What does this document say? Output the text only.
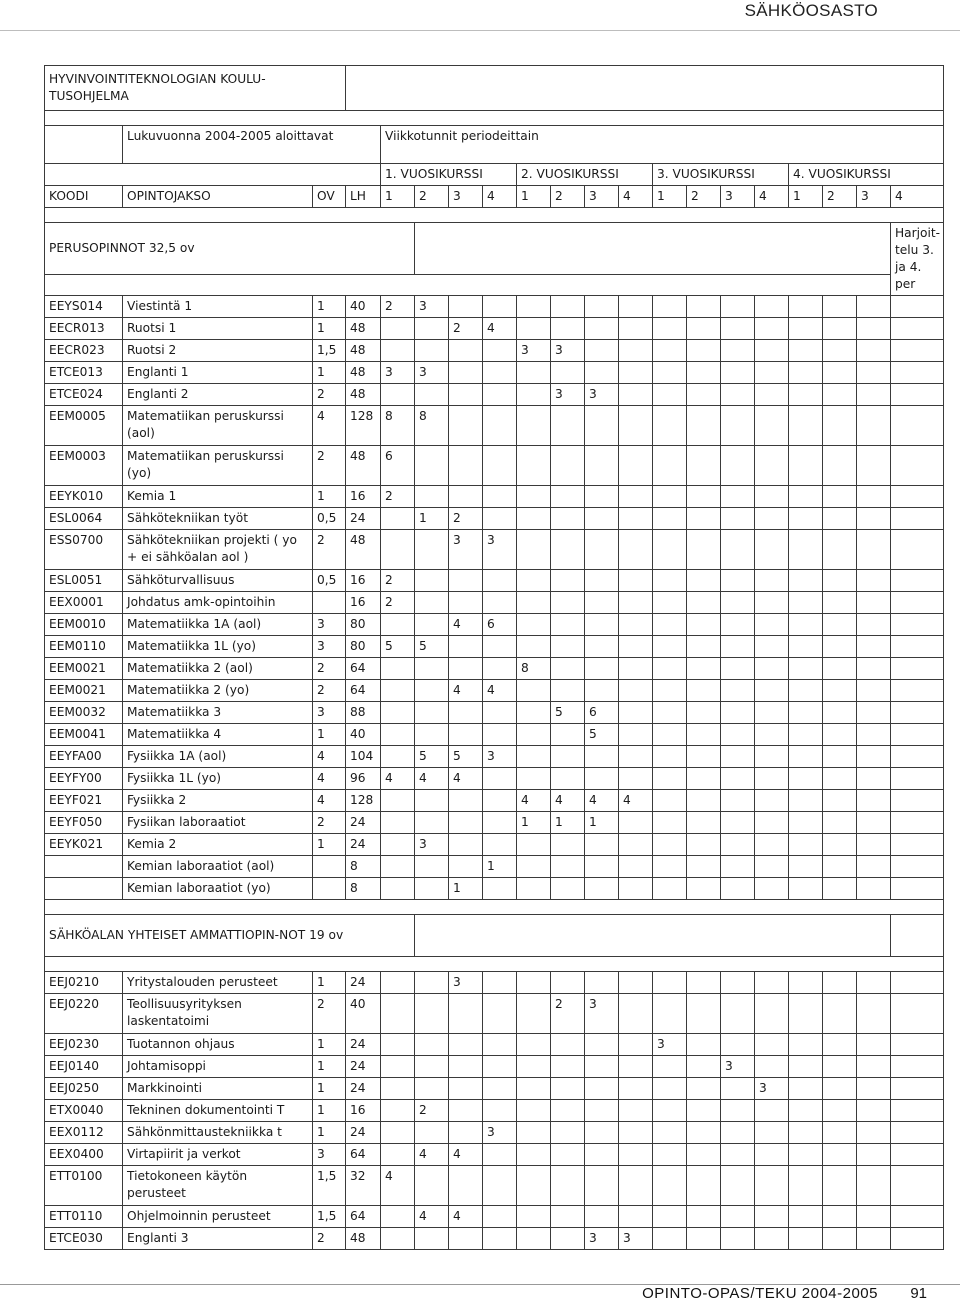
SÄHKÖOSASTO
HYVINVOINTITEKNOLOGIAN KOULU-TUSOHJELMA																			

	Lukuvuonna 2004-2005 aloittavat			Viikkotunnit periodeittain															
				1. VUOSIKURSSI				2. VUOSIKURSSI				3. VUOSIKURSSI				4. VUOSIKURSSI			
KOODI	OPINTOJAKSO	OV	LH	1	2	3	4	1	2	3	4	1	2	3	4	1	2	3	4

PERUSOPINNOT 32,5 ov																			Harjoit-telu 3. ja 4. per

EEYS014	Viestintä 1	1	40	2	3														
EECR013	Ruotsi 1	1	48			2	4												
EECR023	Ruotsi 2	1,5	48					3	3										
ETCE013	Englanti 1	1	48	3	3														
ETCE024	Englanti 2	2	48						3	3									
EEM0005	Matematiikan peruskurssi (aol)	4	128	8	8														
EEM0003	Matematiikan peruskurssi (yo)	2	48	6															
EEYK010	Kemia 1	1	16	2															
ESL0064	Sähkötekniikan työt	0,5	24		1	2													
ESS0700	Sähkötekniikan projekti ( yo + ei sähköalan aol )	2	48			3	3												
ESL0051	Sähköturvallisuus	0,5	16	2															
EEX0001	Johdatus amk-opintoihin		16	2															
EEM0010	Matematiikka 1A (aol)	3	80			4	6												
EEM0110	Matematiikka 1L (yo)	3	80	5	5														
EEM0021	Matematiikka 2 (aol)	2	64					8											
EEM0021	Matematiikka 2 (yo)	2	64			4	4												
EEM0032	Matematiikka 3	3	88						5	6									
EEM0041	Matematiikka 4	1	40							5									
EEYFA00	Fysiikka 1A (aol)	4	104		5	5	3												
EEYFY00	Fysiikka 1L (yo)	4	96	4	4	4													
EEYF021	Fysiikka 2	4	128					4	4	4	4								
EEYF050	Fysiikan laboraatiot	2	24					1	1	1									
EEYK021	Kemia 2	1	24		3														
	Kemian laboraatiot (aol)		8				1												
	Kemian laboraatiot (yo)		8			1													

SÄHKÖALAN YHTEISET AMMATTIOPIN-NOT 19 ov																			

EEJ0210	Yritystalouden perusteet	1	24			3													
EEJ0220	Teollisuusyrityksen laskentatoimi	2	40						2	3									
EEJ0230	Tuotannon ohjaus	1	24									3							
EEJ0140	Johtamisoppi	1	24											3					
EEJ0250	Markkinointi	1	24												3				
ETX0040	Tekninen dokumentointi T	1	16		2														
EEX0112	Sähkönmittaustekniikka t	1	24				3												
EEX0400	Virtapiirit ja verkot	3	64		4	4													
ETT0100	Tietokoneen käytön perusteet	1,5	32	4															
ETT0110	Ohjelmoinnin perusteet	1,5	64		4	4													
ETCE030	Englanti 3	2	48							3	3								
OPINTO-OPAS/TEKU 2004-2005 91
